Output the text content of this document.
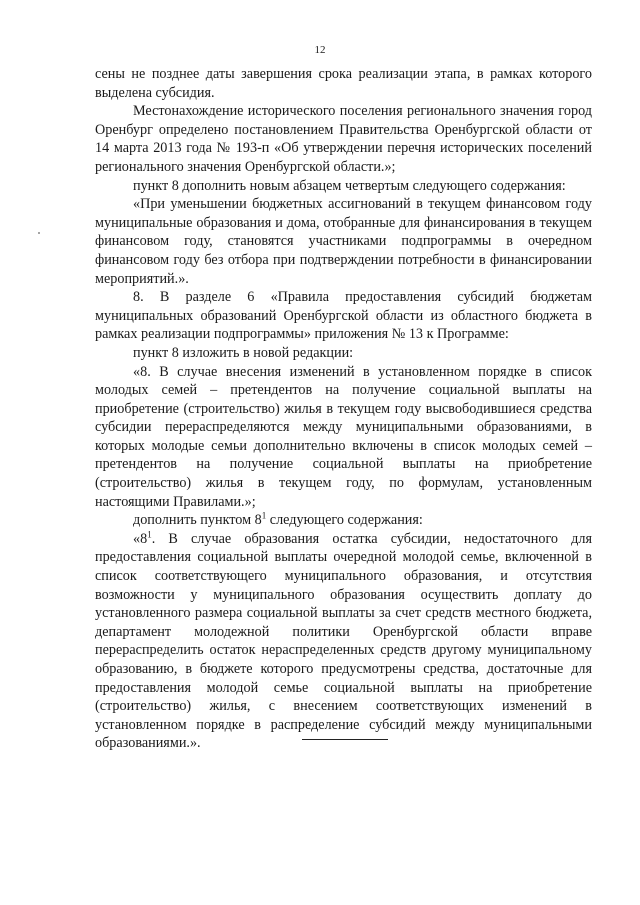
12

сены не позднее даты завершения срока реализации этапа, в рамках которого выделена субсидия.

Местонахождение исторического поселения регионального значения город Оренбург определено постановлением Правительства Оренбургской области от 14 марта 2013 года № 193-п «Об утверждении перечня исторических поселений регионального значения Оренбургской области.»;

пункт 8 дополнить новым абзацем четвертым следующего содержания:

«При уменьшении бюджетных ассигнований в текущем финансовом году муниципальные образования и дома, отобранные для финансирования в текущем финансовом году, становятся участниками подпрограммы в очередном финансовом году без отбора при подтверждении потребности в финансировании мероприятий.».

8. В разделе 6 «Правила предоставления субсидий бюджетам муниципальных образований Оренбургской области из областного бюджета в рамках реализации подпрограммы» приложения № 13 к Программе:

пункт 8 изложить в новой редакции:

«8. В случае внесения изменений в установленном порядке в список молодых семей – претендентов на получение социальной выплаты на приобретение (строительство) жилья в текущем году высвободившиеся средства субсидии перераспределяются между муниципальными образованиями, в которых молодые семьи дополнительно включены в список молодых семей – претендентов на получение социальной выплаты на приобретение (строительство) жилья в текущем году, по формулам, установленным настоящими Правилами.»;

дополнить пунктом $8^1$ следующего содержания:

«$8^1$. В случае образования остатка субсидии, недостаточного для предоставления социальной выплаты очередной молодой семье, включенной в список соответствующего муниципального образования, и отсутствия возможности у муниципального образования осуществить доплату до установленного размера социальной выплаты за счет средств местного бюджета, департамент молодежной политики Оренбургской области вправе перераспределить остаток нераспределенных средств другому муниципальному образованию, в бюджете которого предусмотрены средства, достаточные для предоставления молодой семье социальной выплаты на приобретение (строительство) жилья, с внесением соответствующих изменений в установленном порядке в распределение субсидий между муниципальными образованиями.».
